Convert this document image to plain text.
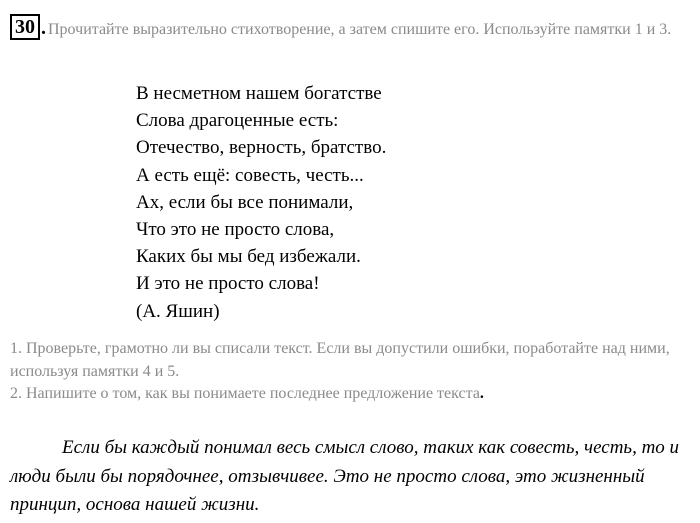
30 . Прочитайте выразительно стихотворение, а затем спишите его. Используйте памятки 1 и 3.
В несметном нашем богатстве
Слова драгоценные есть:
Отечество, верность, братство.
А есть ещё: совесть, честь...
Ах, если бы все понимали,
Что это не просто слова,
Каких бы мы бед избежали.
И это не просто слова!
(А. Яшин)
1. Проверьте, грамотно ли вы списали текст. Если вы допустили ошибки, поработайте над ними, используя памятки 4 и 5.
2. Напишите о том, как вы понимаете последнее предложение текста.
Если бы каждый понимал весь смысл слово, таких как совесть, честь, то и люди были бы порядочнее, отзывчивее. Это не просто слова, это жизненный принцип, основа нашей жизни.
